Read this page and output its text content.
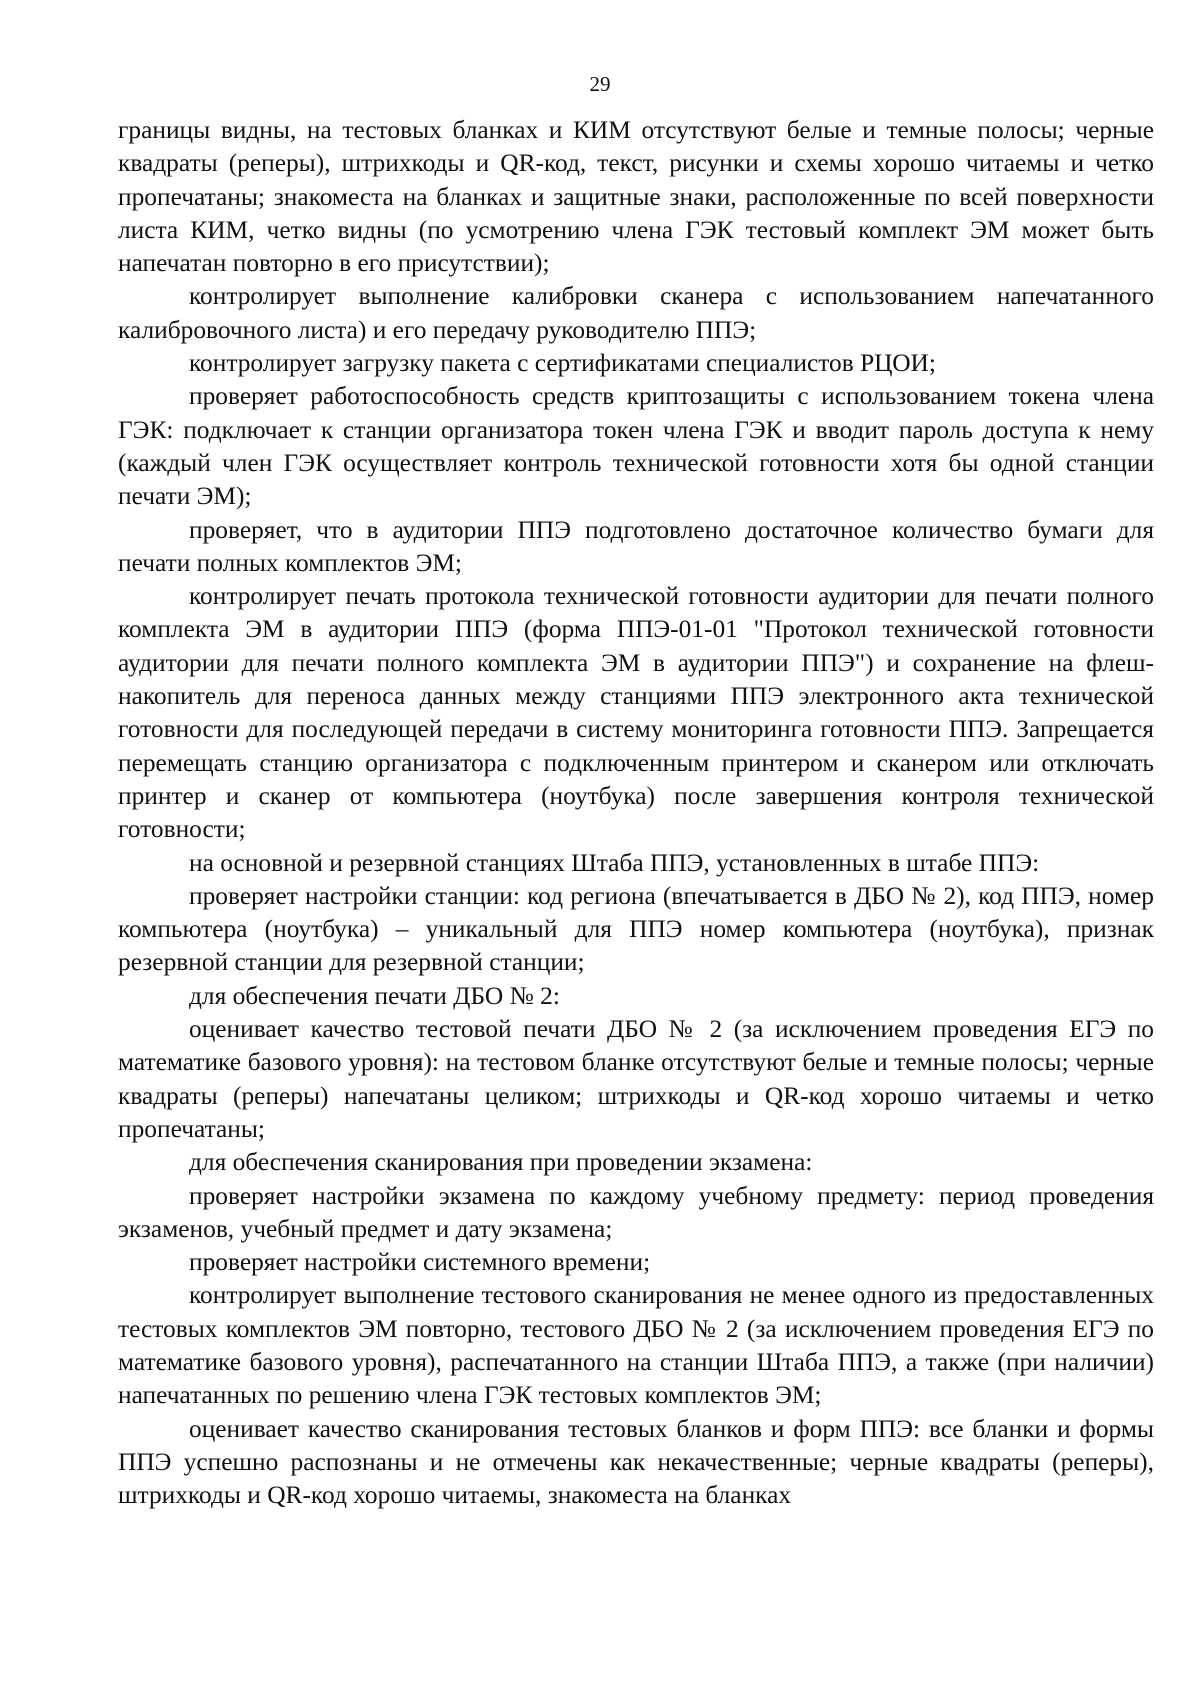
29

границы видны, на тестовых бланках и КИМ отсутствуют белые и темные полосы; черные квадраты (реперы), штрихкоды и QR-код, текст, рисунки и схемы хорошо читаемы и четко пропечатаны; знакоместа на бланках и защитные знаки, расположенные по всей поверхности листа КИМ, четко видны (по усмотрению члена ГЭК тестовый комплект ЭМ может быть напечатан повторно в его присутствии);

контролирует выполнение калибровки сканера с использованием напечатанного калибровочного листа) и его передачу руководителю ППЭ;

контролирует загрузку пакета с сертификатами специалистов РЦОИ;

проверяет работоспособность средств криптозащиты с использованием токена члена ГЭК: подключает к станции организатора токен члена ГЭК и вводит пароль доступа к нему (каждый член ГЭК осуществляет контроль технической готовности хотя бы одной станции печати ЭМ);

проверяет, что в аудитории ППЭ подготовлено достаточное количество бумаги для печати полных комплектов ЭМ;

контролирует печать протокола технической готовности аудитории для печати полного комплекта ЭМ в аудитории ППЭ (форма ППЭ-01-01 "Протокол технической готовности аудитории для печати полного комплекта ЭМ в аудитории ППЭ") и сохранение на флеш-накопитель для переноса данных между станциями ППЭ электронного акта технической готовности для последующей передачи в систему мониторинга готовности ППЭ. Запрещается перемещать станцию организатора с подключенным принтером и сканером или отключать принтер и сканер от компьютера (ноутбука) после завершения контроля технической готовности;

на основной и резервной станциях Штаба ППЭ, установленных в штабе ППЭ:

проверяет настройки станции: код региона (впечатывается в ДБО № 2), код ППЭ, номер компьютера (ноутбука) – уникальный для ППЭ номер компьютера (ноутбука), признак резервной станции для резервной станции;

для обеспечения печати ДБО № 2:

оценивает качество тестовой печати ДБО № 2 (за исключением проведения ЕГЭ по математике базового уровня): на тестовом бланке отсутствуют белые и темные полосы; черные квадраты (реперы) напечатаны целиком; штрихкоды и QR-код хорошо читаемы и четко пропечатаны;

для обеспечения сканирования при проведении экзамена:

проверяет настройки экзамена по каждому учебному предмету: период проведения экзаменов, учебный предмет и дату экзамена;

проверяет настройки системного времени;

контролирует выполнение тестового сканирования не менее одного из предоставленных тестовых комплектов ЭМ повторно, тестового ДБО № 2 (за исключением проведения ЕГЭ по математике базового уровня), распечатанного на станции Штаба ППЭ, а также (при наличии) напечатанных по решению члена ГЭК тестовых комплектов ЭМ;

оценивает качество сканирования тестовых бланков и форм ППЭ: все бланки и формы ППЭ успешно распознаны и не отмечены как некачественные; черные квадраты (реперы), штрихкоды и QR-код хорошо читаемы, знакоместа на бланках
